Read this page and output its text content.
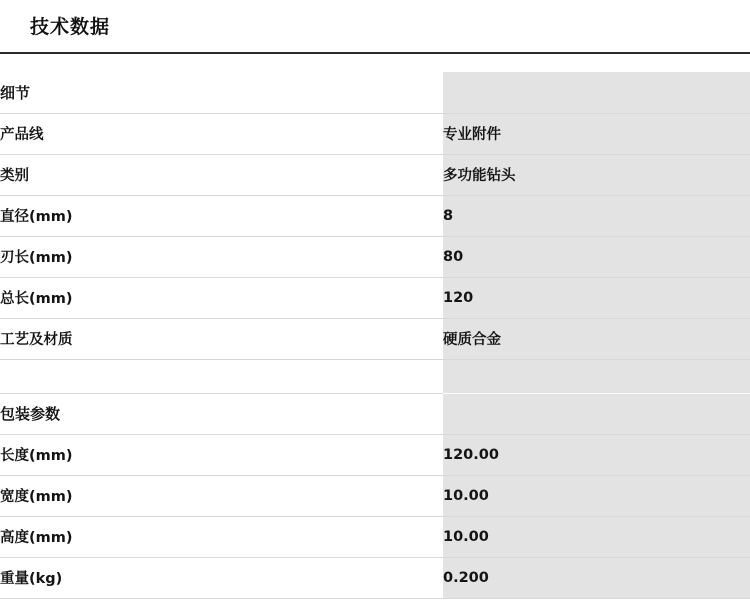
技术数据
细节	
产品线	专业附件
类别	多功能钻头
直径(mm)	8
刃长(mm)	80
总长(mm)	120
工艺及材质	硬质合金

包装参数	
长度(mm)	120.00
宽度(mm)	10.00
高度(mm)	10.00
重量(kg)	0.200
